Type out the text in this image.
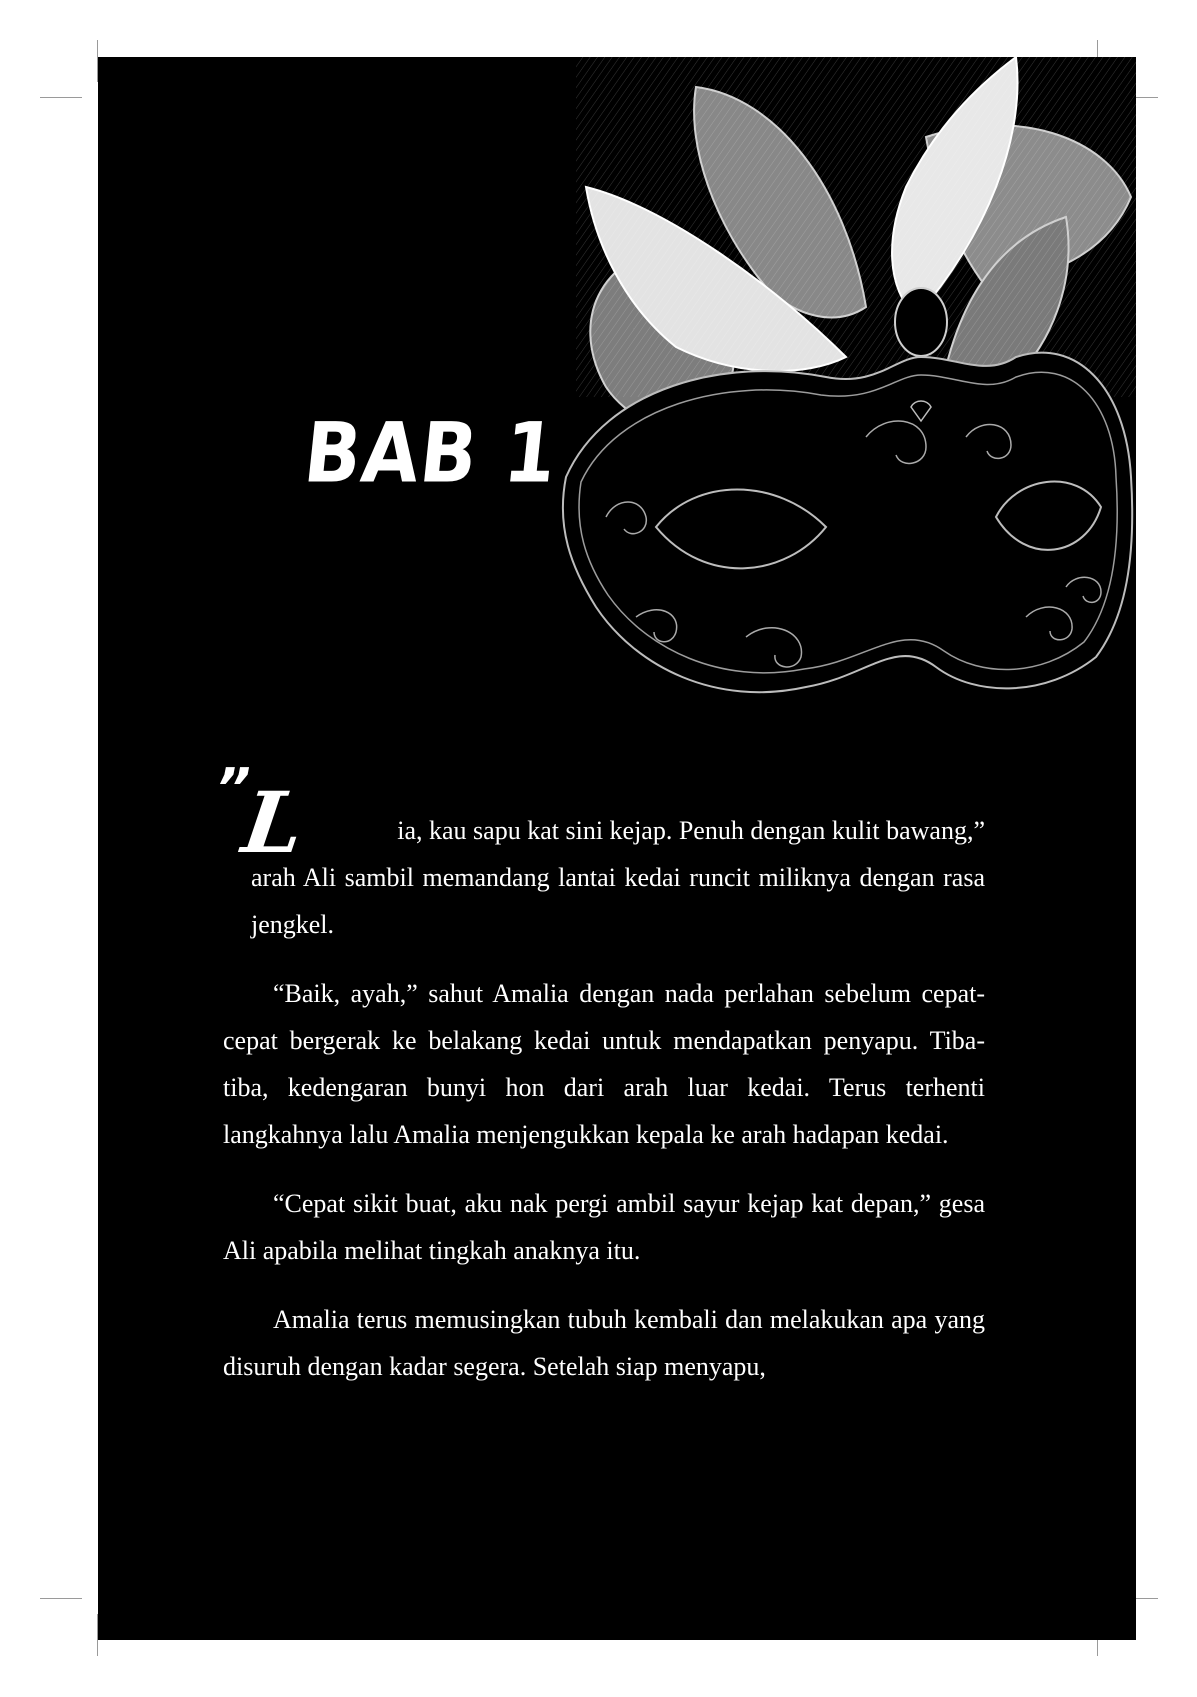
BAB 1
”
L	ia, kau sapu kat sini kejap. Penuh dengan kulit bawang,”
arah Ali sambil memandang lantai kedai runcit miliknya dengan rasa jengkel.

“Baik, ayah,” sahut Amalia dengan nada perlahan sebelum cepat-cepat bergerak ke belakang kedai untuk mendapatkan penyapu. Tiba-tiba, kedengaran bunyi hon dari arah luar kedai. Terus terhenti langkahnya lalu Amalia menjengukkan kepala ke arah hadapan kedai.

“Cepat sikit buat, aku nak pergi ambil sayur kejap kat depan,” gesa Ali apabila melihat tingkah anaknya itu.

Amalia terus memusingkan tubuh kembali dan melakukan apa yang disuruh dengan kadar segera. Setelah siap menyapu,
